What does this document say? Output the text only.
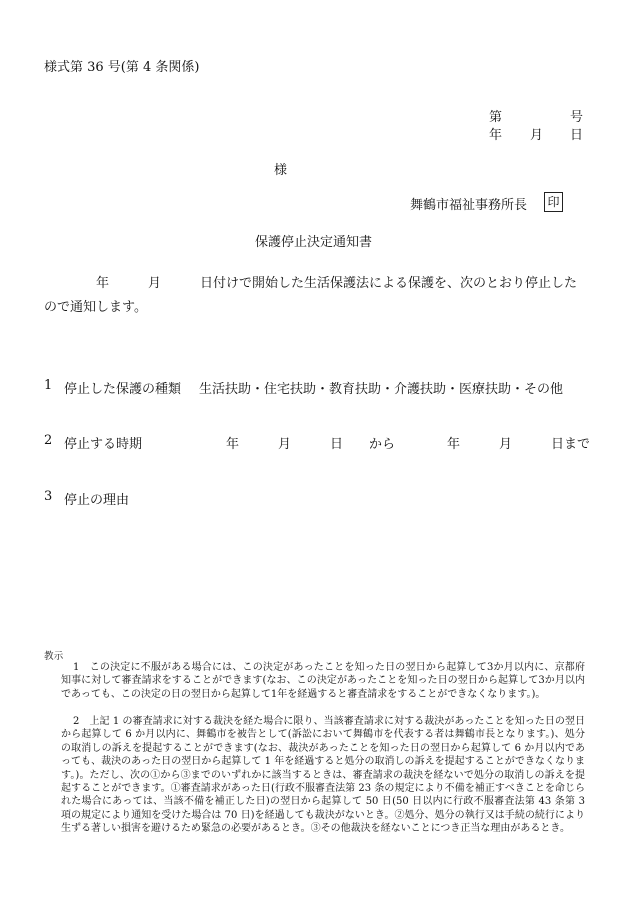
様式第 36 号(第 4 条関係)
第	号
年 月 日
様
舞鶴市福祉事務所長 印
保護停止決定通知書
　　　　年　　　月　　　日付けで開始した生活保護法による保護を、次のとおり停止した
ので通知します。
1 停止した保護の種類 生活扶助・住宅扶助・教育扶助・介護扶助・医療扶助・その他
2 停止する時期	年　　　月　　　日　　から　　　　年　　　月　　　日まで
3 停止の理由
教示
1　 この決定に不服がある場合には、この決定があったことを知った日の翌日から起算して3か月以内に、京都府知事に対して審査請求をすることができます(なお、この決定があったことを知った日の翌日から起算して3か月以内であっても、この決定の日の翌日から起算して1年を経過すると審査請求をすることができなくなります。)。
2　 上記 1 の審査請求に対する裁決を経た場合に限り、当該審査請求に対する裁決があったことを知った日の翌日から起算して 6 か月以内に、舞鶴市を被告として(訴訟において舞鶴市を代表する者は舞鶴市長となります。)、処分の取消しの訴えを提起することができます(なお、裁決があったことを知った日の翌日から起算して 6 か月以内であっても、裁決のあった日の翌日から起算して 1 年を経過すると処分の取消しの訴えを提起することができなくなります。)。ただし、次の①から③までのいずれかに該当するときは、審査請求の裁決を経ないで処分の取消しの訴えを提起することができます。①審査請求があった日(行政不服審査法第 23 条の規定により不備を補正すべきことを命じられた場合にあっては、当該不備を補正した日)の翌日から起算して 50 日(50 日以内に行政不服審査法第 43 条第 3 項の規定により通知を受けた場合は 70 日)を経過しても裁決がないとき。②処分、処分の執行又は手続の続行により生ずる著しい損害を避けるため緊急の必要があるとき。③その他裁決を経ないことにつき正当な理由があるとき。
